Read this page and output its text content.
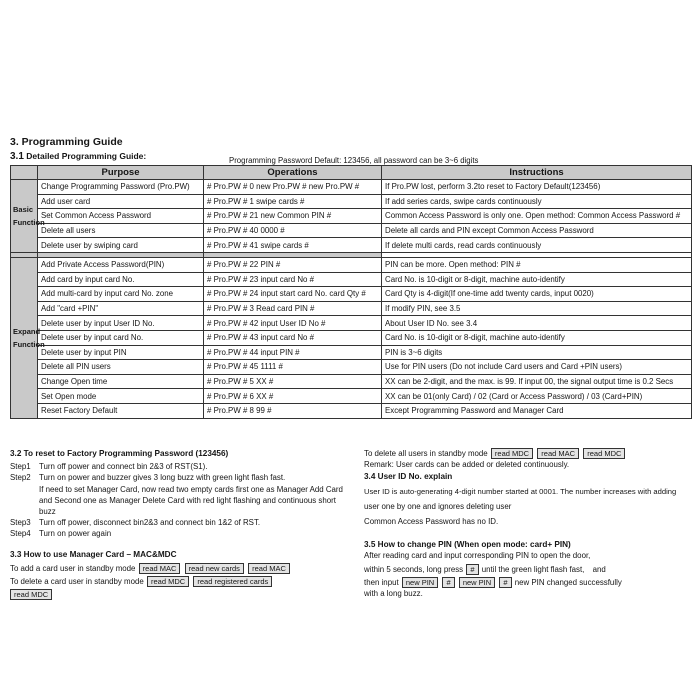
3. Programming Guide
3.1 Detailed Programming Guide:	Programming Password Default: 123456, all password can be 3~6 digits
	Purpose	Operations	Instructions
Basic Function	Change Programming Password (Pro.PW)	# Pro.PW # 0 new Pro.PW # new Pro.PW #	If Pro.PW lost, perform 3.2to reset to Factory Default(123456)
	Add user card	# Pro.PW # 1 swipe cards #	If add series cards, swipe cards continuously
	Set Common Access Password	# Pro.PW # 21 new Common PIN #	Common Access Password is only one. Open method: Common Access Password #
	Delete all users	# Pro.PW # 40 0000 #	Delete all cards and PIN except Common Access Password
	Delete user by swiping card	# Pro.PW # 41 swipe cards #	If delete multi cards, read cards continuously

Expand Function	Add Private Access Password(PIN)	# Pro.PW # 22 PIN #	PIN can be more. Open method: PIN #
	Add card by input card No.	# Pro.PW # 23 input card No #	Card No. is 10-digit or 8-digit, machine auto-identify
	Add multi-card by input card No. zone	# Pro.PW # 24 input start card No. card Qty #	Card Qty is 4-digit(If one-time add twenty cards, input 0020)
	Add "card +PIN"	# Pro.PW # 3 Read card PIN #	If modify PIN, see 3.5
	Delete user by input User ID No.	# Pro.PW # 42 input User ID No #	About User ID No. see 3.4
	Delete user by input card No.	# Pro.PW # 43 input card No #	Card No. is 10-digit or 8-digit, machine auto-identify
	Delete user by input PIN	# Pro.PW # 44 input PIN #	PIN is 3~6 digits
	Delete all PIN users	# Pro.PW # 45 1111 #	Use for PIN users (Do not include Card users and Card +PIN users)
	Change Open time	# Pro.PW # 5 XX #	XX can be 2-digit, and the max. is 99. If input 00, the signal output time is 0.2 Secs
	Set Open mode	# Pro.PW # 6 XX #	XX can be 01(only Card) / 02 (Card or Access Password) / 03 (Card+PIN)
	Reset Factory Default	# Pro.PW # 8 99 #	Except Programming Password and Manager Card
3.2 To reset to Factory Programming Password (123456)
Step1 Turn off power and connect bin 2&3 of RST(S1).
Step2 Turn on power and buzzer gives 3 long buzz with green light flash fast.
If need to set Manager Card, now read two empty cards first one as Manager Add Card
and Second one as Manager Delete Card with red light flashing and continuous short
buzz
Step3 Turn off power, disconnect bin2&3 and connect bin 1&2 of RST.
Step4 Turn on power again
3.3 How to use Manager Card – MAC&MDC
To add a card user in standby mode read MAC read new cards read MAC
To delete a card user in standby mode read MDC read registered cards
read MDC
To delete all users in standby mode read MDC read MAC read MDC
Remark: User cards can be added or deleted continuously.
3.4 User ID No. explain
User ID is auto-generating 4-digit number started at 0001. The number increases with adding
user one by one and ignores deleting user
Common Access Password has no ID.
3.5 How to change PIN (When open mode: card+ PIN)
After reading card and input corresponding PIN to open the door,
within 5 seconds, long press # until the green light flash fast, and
then input new PIN # new PIN # new PIN changed successfully
with a long buzz.
